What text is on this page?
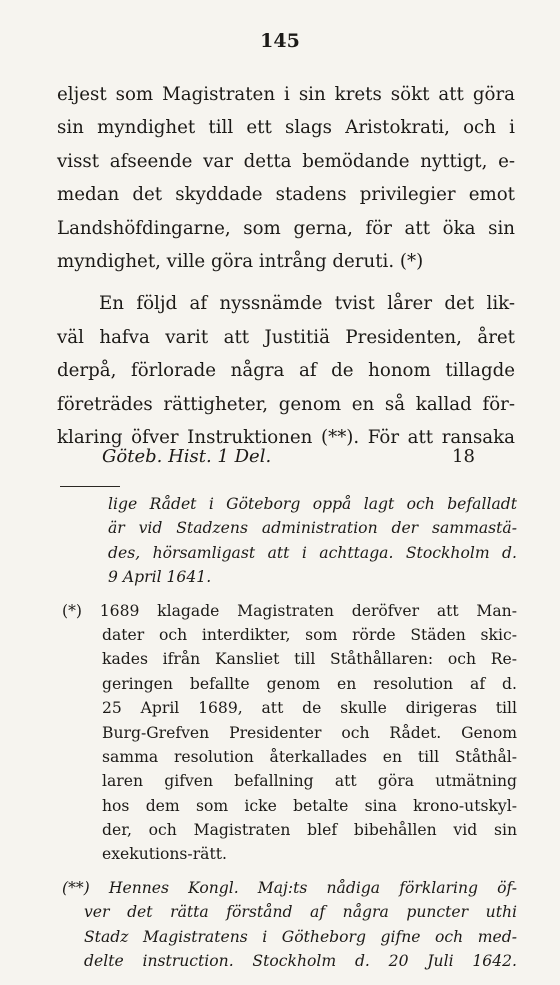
145
eljest som Magistraten i sin krets sökt att göra
sin myndighet till ett slags Aristokrati, och i
visst afseende var detta bemödande nyttigt, e-
medan det skyddade stadens privilegier emot
Landshöfdingarne, som gerna, för att öka sin
myndighet, ville göra intrång deruti. (*)
En följd af nyssnämde tvist lårer det lik-
väl hafva varit att Justitiä Presidenten, året
derpå, förlorade några af de honom tillagde
företrädes rättigheter, genom en så kallad för-
klaring öfver Instruktionen (**). För att ransaka
Göteb. Hist. 1 Del.	18
lige Rådet i Göteborg oppå lagt och befalladt
är vid Stadzens administration der sammastä-
des, hörsamligast att i achttaga. Stockholm d.
9 April 1641.
(*) 1689 klagade Magistraten deröfver att Man-
dater och interdikter, som rörde Städen skic-
kades ifrån Kansliet till Ståthållaren: och Re-
geringen befallte genom en resolution af d.
25 April 1689, att de skulle dirigeras till
Burg-Grefven Presidenter och Rådet. Genom
samma resolution återkallades en till Ståthål-
laren gifven befallning att göra utmätning
hos dem som icke betalte sina krono-utskyl-
der, och Magistraten blef bibehållen vid sin
exekutions-rätt.
(**) Hennes Kongl. Maj:ts nådiga förklaring öf-
ver det rätta förstånd af några puncter uthi
Stadz Magistratens i Götheborg gifne och med-
delte instruction. Stockholm d. 20 Juli 1642.
